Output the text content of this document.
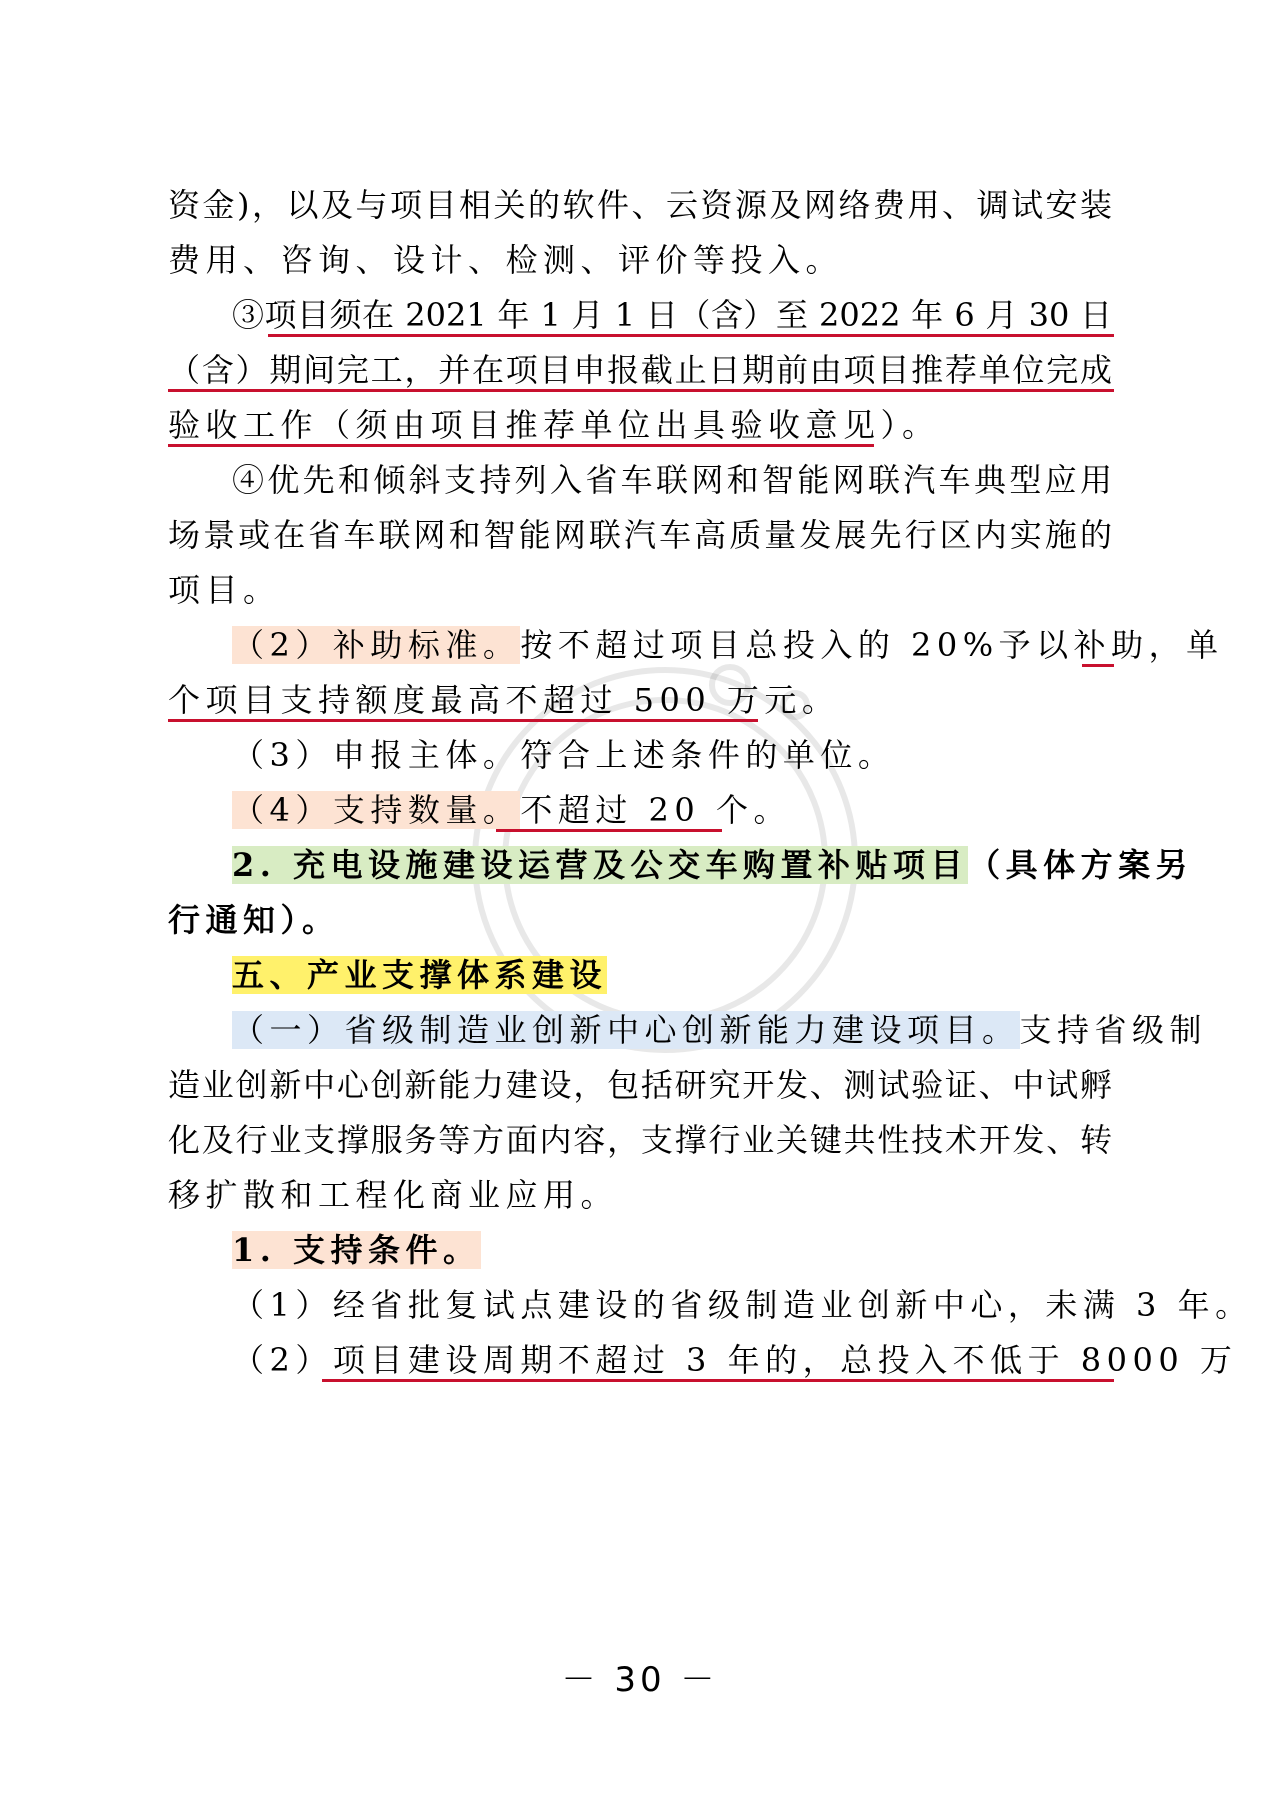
资金)，以及与项目相关的软件、云资源及网络费用、调试安装
费用、咨询、设计、检测、评价等投入。
③项目须在 2021 年 1 月 1 日（含）至 2022 年 6 月 30 日
（含）期间完工，并在项目申报截止日期前由项目推荐单位完成
验收工作（须由项目推荐单位出具验收意见）。
④优先和倾斜支持列入省车联网和智能网联汽车典型应用
场景或在省车联网和智能网联汽车高质量发展先行区内实施的
项目。
（2）补助标准。按不超过项目总投入的 20%予以补助，单
个项目支持额度最高不超过 500 万元。
（3）申报主体。符合上述条件的单位。
（4）支持数量。不超过 20 个。
2. 充电设施建设运营及公交车购置补贴项目（具体方案另
行通知）。
五、产业支撑体系建设
（一）省级制造业创新中心创新能力建设项目。支持省级制
造业创新中心创新能力建设，包括研究开发、测试验证、中试孵
化及行业支撑服务等方面内容，支撑行业关键共性技术开发、转
移扩散和工程化商业应用。
1. 支持条件。
（1）经省批复试点建设的省级制造业创新中心，未满 3 年。
（2）项目建设周期不超过 3 年的，总投入不低于 8000 万
－ 30 －
